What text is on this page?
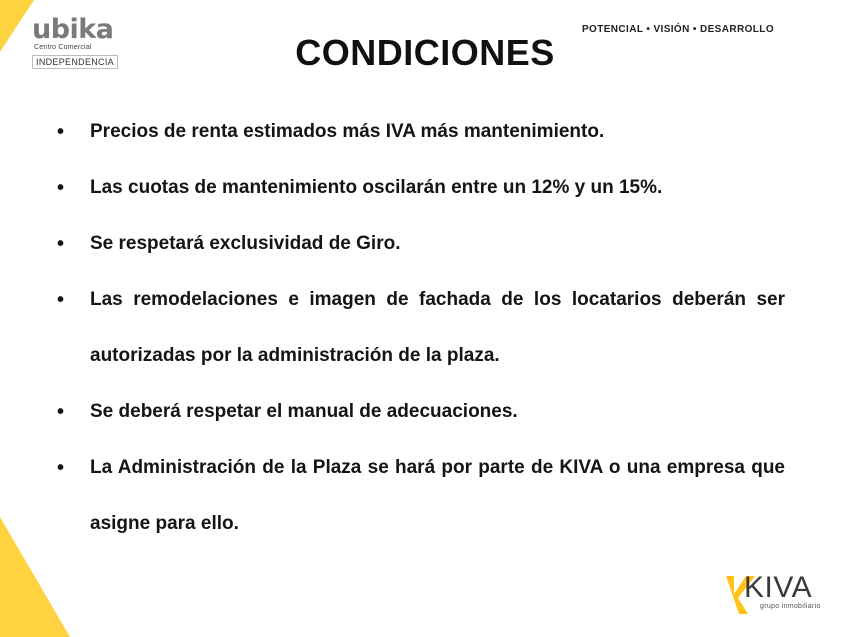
ubika
Centro Comercial
INDEPENDENCIA
POTENCIAL • VISIÓN • DESARROLLO
CONDICIONES
• Precios de renta estimados más IVA más mantenimiento.
• Las cuotas de mantenimiento oscilarán entre un 12% y un 15%.
• Se respetará exclusividad de Giro.
• Las remodelaciones e imagen de fachada de los locatarios deberán ser autorizadas por la administración de la plaza.
• Se deberá respetar el manual de adecuaciones.
• La Administración de la Plaza se hará por parte de KIVA o una empresa que asigne para ello.
KIVA
grupo inmobiliario
